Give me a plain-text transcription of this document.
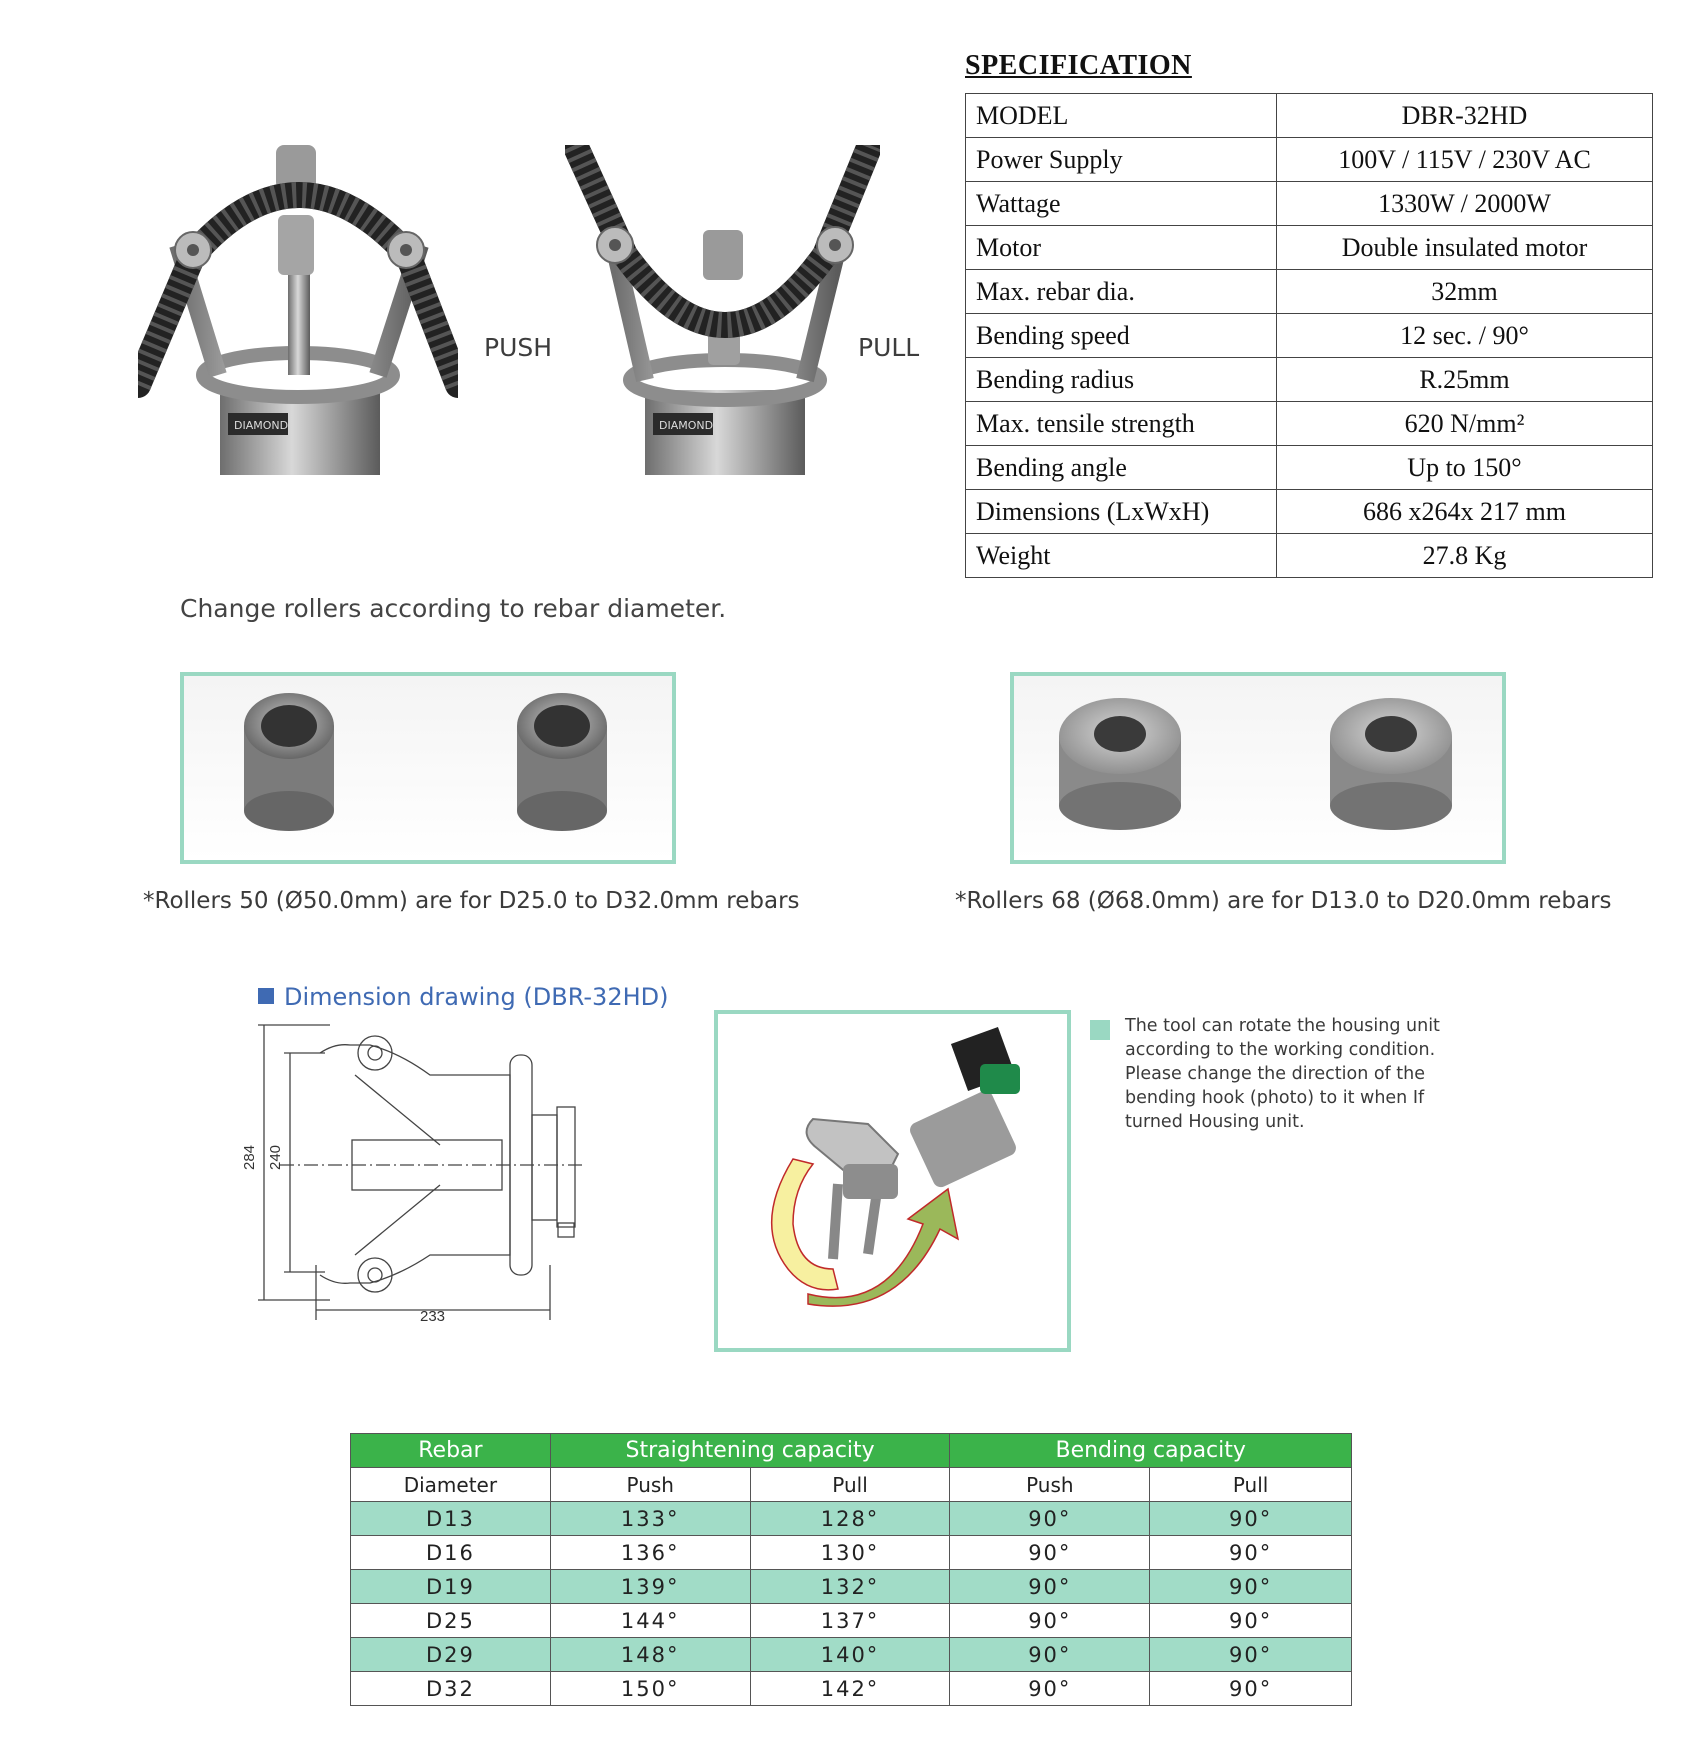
DIAMOND
PUSH
DIAMOND
PULL
SPECIFICATION
MODEL	DBR-32HD
Power Supply	100V / 115V / 230V AC
Wattage	1330W / 2000W
Motor	Double insulated motor
Max. rebar dia.	32mm
Bending speed	12 sec. / 90°
Bending radius	R.25mm
Max. tensile strength	620 N/mm²
Bending angle	Up to 150°
Dimensions (LxWxH)	686 x264x 217 mm
Weight	27.8 Kg
Change rollers according to rebar diameter.
*Rollers 50 (Ø50.0mm) are for D25.0 to D32.0mm rebars	*Rollers 68 (Ø68.0mm) are for D13.0 to D20.0mm rebars
Dimension drawing (DBR-32HD)
284 240
233
The tool can rotate the housing unit according to the working condition. Please change the direction of the bending hook (photo) to it when If turned Housing unit.
Rebar	Straightening capacity		Bending capacity	
Diameter	Push	Pull	Push	Pull
D13	133°	128°	90°	90°
D16	136°	130°	90°	90°
D19	139°	132°	90°	90°
D25	144°	137°	90°	90°
D29	148°	140°	90°	90°
D32	150°	142°	90°	90°
